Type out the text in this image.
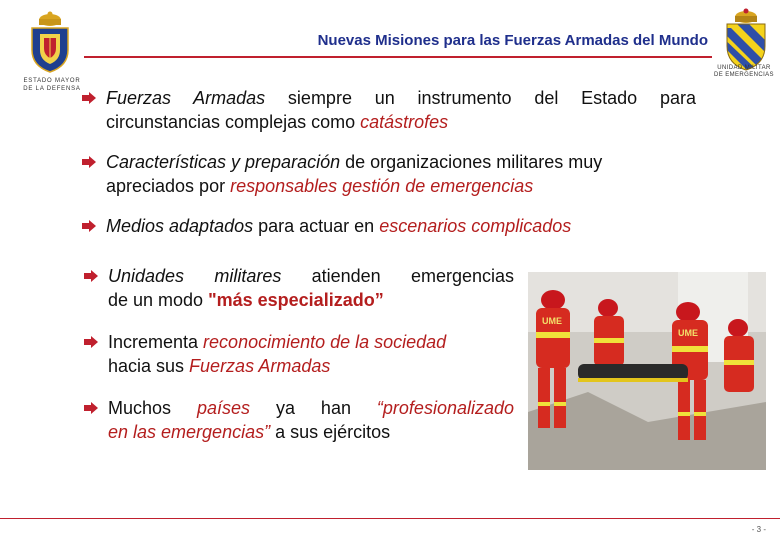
ESTADO MAYOR
DE LA DEFENSA
UNIDAD MILITAR
DE EMERGENCIAS
Nuevas Misiones para las Fuerzas Armadas del Mundo
Fuerzas Armadas siempre un instrumento del Estado para
circunstancias complejas como catástrofes
Características y preparación de organizaciones militares muy
apreciados por responsables gestión de emergencias
Medios adaptados para actuar en escenarios complicados
Unidades militares atienden emergencias
de un modo "más especializado”
Incrementa reconocimiento de la sociedad
hacia sus Fuerzas Armadas
Muchos países ya han “profesionalizado
en las emergencias” a sus ejércitos
UME
UME
- 3 -
